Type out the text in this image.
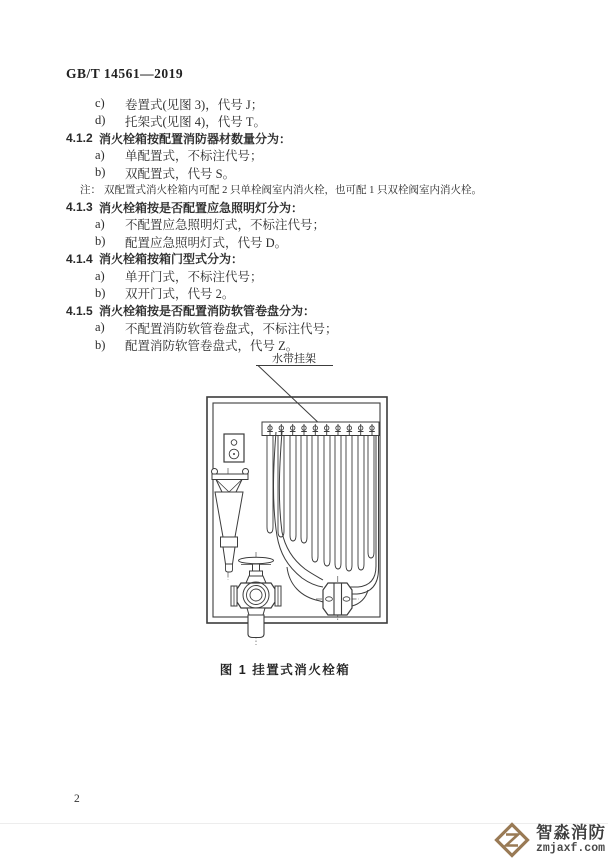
GB/T 14561—2019
c)	卷置式(见图 3)，代号 J；
d)	托架式(见图 4)，代号 T。
4.1.2 消火栓箱按配置消防器材数量分为：
a)	单配置式，不标注代号；
b)	双配置式，代号 S。
注： 双配置式消火栓箱内可配 2 只单栓阀室内消火栓，也可配 1 只双栓阀室内消火栓。
4.1.3 消火栓箱按是否配置应急照明灯分为：
a)	不配置应急照明灯式，不标注代号；
b)	配置应急照明灯式，代号 D。
4.1.4 消火栓箱按箱门型式分为：
a)	单开门式，不标注代号；
b)	双开门式，代号 2。
4.1.5 消火栓箱按是否配置消防软管卷盘分为：
a)	不配置消防软管卷盘式，不标注代号；
b)	配置消防软管卷盘式，代号 Z。
水带挂架
图 1 挂置式消火栓箱
2
智淼消防
zmjaxf.com
